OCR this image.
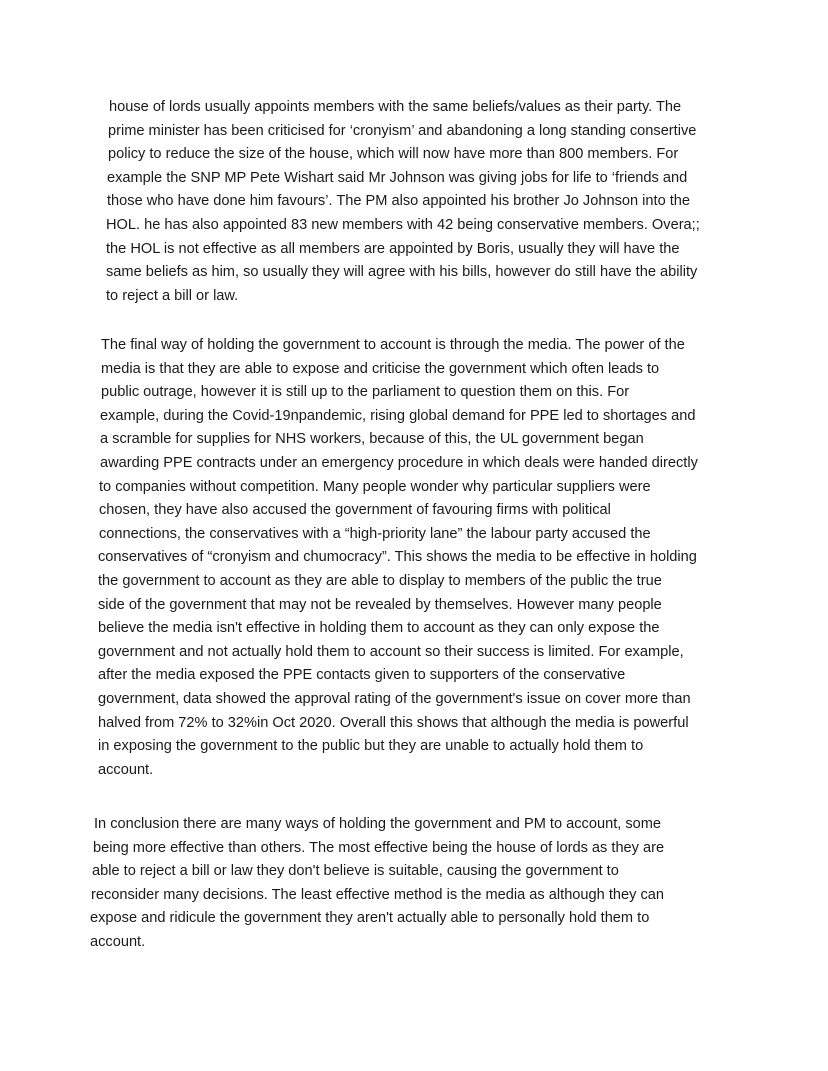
house of lords usually appoints members with the same beliefs/values as their party. The
prime minister has been criticised for ‘cronyism’ and abandoning a long standing consertive
policy to reduce the size of the house, which will now have more than 800 members. For
example the SNP MP Pete Wishart said Mr Johnson was giving jobs for life to ‘friends and
those who have done him favours’. The PM also appointed his brother Jo Johnson into the
HOL. he has also appointed 83 new members with 42 being conservative members. Overa;;
the HOL is not effective as all members are appointed by Boris, usually they will have the
same beliefs as him, so usually they will agree with his bills, however do still have the ability
to reject a bill or law.

The final way of holding the government to account is through the media. The power of the
media is that they are able to expose and criticise the government which often leads to
public outrage, however it is still up to the parliament to question them on this. For
example, during the Covid-19npandemic, rising global demand for PPE led to shortages and
a scramble for supplies for NHS workers, because of this, the UL government began
awarding PPE contracts under an emergency procedure in which deals were handed directly
to companies without competition. Many people wonder why particular suppliers were
chosen, they have also accused the government of favouring firms with political
connections, the conservatives with a “high-priority lane” the labour party accused the
conservatives of “cronyism and chumocracy”. This shows the media to be effective in holding
the government to account as they are able to display to members of the public the true
side of the government that may not be revealed by themselves. However many people
believe the media isn't effective in holding them to account as they can only expose the
government and not actually hold them to account so their success is limited. For example,
after the media exposed the PPE contacts given to supporters of the conservative
government, data showed the approval rating of the government's issue on cover more than
halved from 72% to 32%in Oct 2020. Overall this shows that although the media is powerful
in exposing the government to the public but they are unable to actually hold them to
account.

In conclusion there are many ways of holding the government and PM to account, some
being more effective than others. The most effective being the house of lords as they are
able to reject a bill or law they don't believe is suitable, causing the government to
reconsider many decisions. The least effective method is the media as although they can
expose and ridicule the government they aren't actually able to personally hold them to
account.
